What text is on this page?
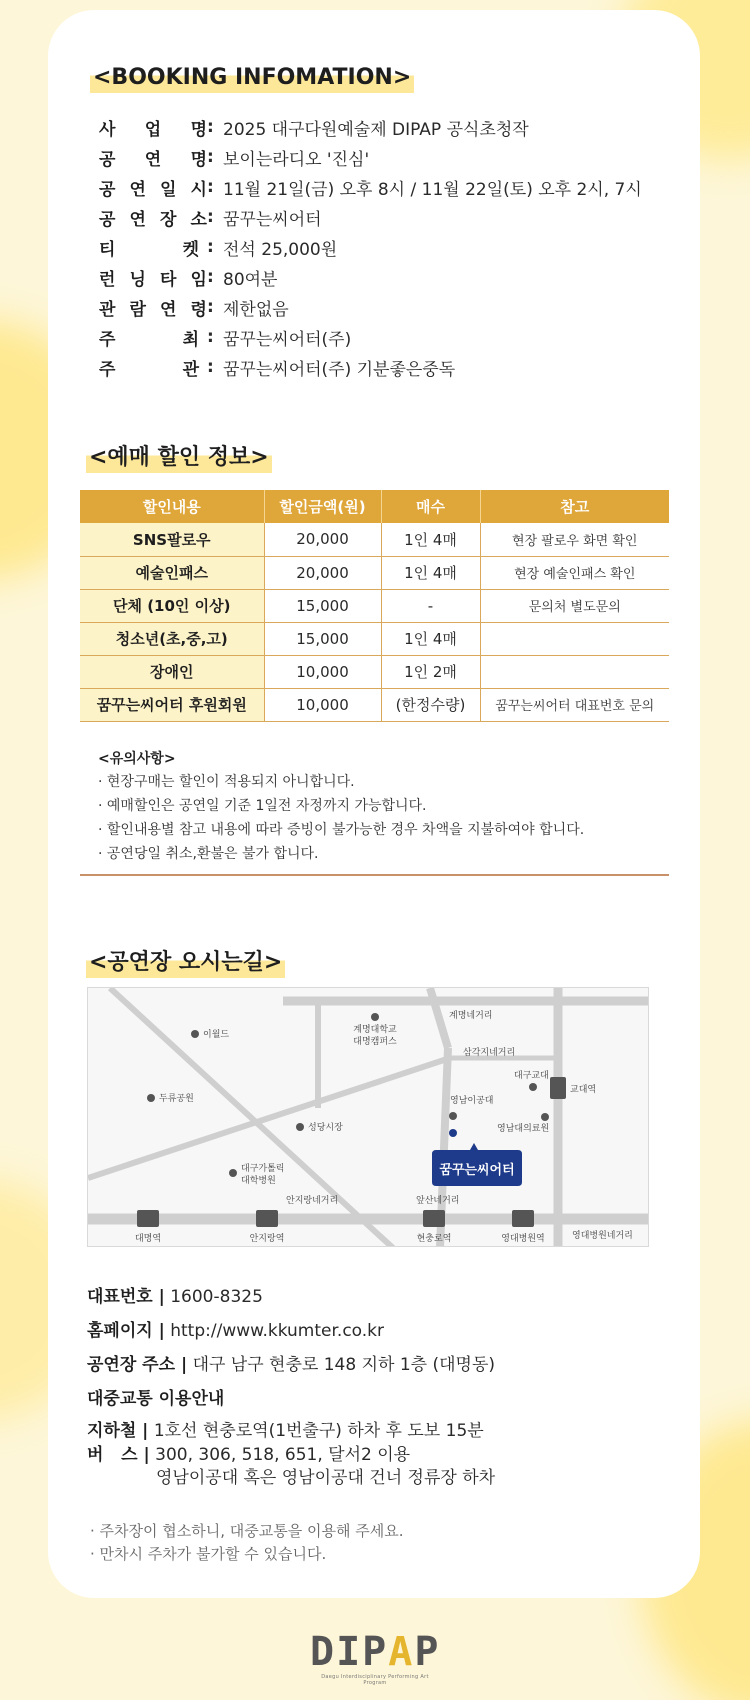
<BOOKING INFOMATION>
사 업 명 : 2025 대구다원예술제 DIPAP 공식초청작
공 연 명 : 보이는라디오 '진심'
공 연 일 시 : 11월 21일(금) 오후 8시 / 11월 22일(토) 오후 2시, 7시
공 연 장 소 : 꿈꾸는씨어터
티	켓 : 전석 25,000원
런 닝 타 임 : 80여분
관 람 연 령 : 제한없음
주	최 : 꿈꾸는씨어터(주)
주	관 : 꿈꾸는씨어터(주) 기분좋은중독
<예매 할인 정보>
할인내용	할인금액(원)	매수	참고
SNS팔로우	20,000	1인 4매	현장 팔로우 화면 확인
예술인패스	20,000	1인 4매	현장 예술인패스 확인
단체 (10인 이상)	15,000	-	문의처 별도문의
청소년(초,중,고)	15,000	1인 4매	
장애인	10,000	1인 2매	
꿈꾸는씨어터 후원회원	10,000	(한정수량)	꿈꾸는씨어터 대표번호 문의
<유의사항>
· 현장구매는 할인이 적용되지 아니합니다.
· 예매할인은 공연일 기준 1일전 자정까지 가능합니다.
· 할인내용별 참고 내용에 따라 증빙이 불가능한 경우 차액을 지불하여야 합니다.
· 공연당일 취소,환불은 불가 합니다.
<공연장 오시는길>
꿈꾸는씨어터
이월드	계명대학교
대명캠퍼스
계명네거리
삼각지네거리
대구교대
교대역
두류공원	영남이공대
성당시장	영남대의료원
대구가톨릭
대학병원
안지랑네거리	앞산네거리
대명역	안지랑역	현충로역	영대병원역	영대병원네거리
대표번호 | 1600-8325
홈페이지 | http://www.kkumter.co.kr
공연장 주소 | 대구 남구 현충로 148 지하 1층 (대명동)
대중교통 이용안내
지하철 | 1호선 현충로역(1번출구) 하차 후 도보 15분
버   스 | 300, 306, 518, 651, 달서2 이용
영남이공대 혹은 영남이공대 건너 정류장 하차
· 주차장이 협소하니, 대중교통을 이용해 주세요.
· 만차시 주차가 불가할 수 있습니다.
DIPAP
Daegu Interdisciplinary Performing Art Program
